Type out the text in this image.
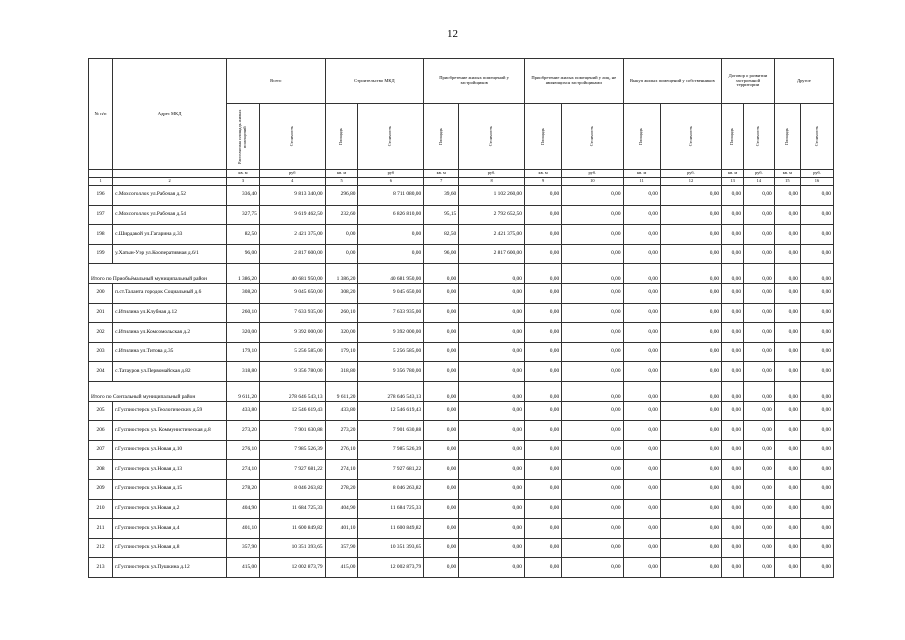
12
№ п/п	Адрес МКД	Всего		Строительство МКД		Приобретение жилых помещений у застройщиков		Приобретение жилых помещений у лиц, не являющихся застройщиками		Выкуп жилых помещений у собственников		Договор о развитии застроенной территории		Другое	

		Расселяемая площадь жилых помещений	Стоимость	Площадь	Стоимость	Площадь	Стоимость	Площадь	Стоимость	Площадь	Стоимость	Площадь	Стоимость	Площадь	Стоимость

		кв. м	руб	кв. м	руб	кв. м	руб.	кв. м	руб.	кв. м	руб.	кв. м	руб.	кв. м	руб.
1	2	3	4	5	6	7	8	9	10	11	12	13	14	15	16
196	с.Мохсоголлох ул.Рабочая д.52	336,40	9 813 340,00	296,80	8 711 080,00	39,60	1 102 260,00	0,00	0,00	0,00	0,00	0,00	0,00	0,00	0,00
197	с.Мохсоголлох ул.Рабочая д.54	327,75	9 619 462,50	232,60	6 826 810,00	95,15	2 792 652,50	0,00	0,00	0,00	0,00	0,00	0,00	0,00	0,00
198	с.Ширдакой ул.Гагарина д.33	82,50	2 421 375,00	0,00	0,00	82,50	2 421 375,00	0,00	0,00	0,00	0,00	0,00	0,00	0,00	0,00
199	у.Хатын-Уэр ул.Кооперативная д.6/1	96,00	2 817 600,00	0,00	0,00	96,00	2 817 600,00	0,00	0,00	0,00	0,00	0,00	0,00	0,00	0,00
Итого по Приобъёмальный муниципальный район		1 386,20	40 681 950,00	1 386,20	40 681 950,00	0,00	0,00	0,00	0,00	0,00	0,00	0,00	0,00	0,00	0,00
200	п.ст.Таланта городок Социальный д.6	308,20	9 045 650,00	308,20	9 045 650,00	0,00	0,00	0,00	0,00	0,00	0,00	0,00	0,00	0,00	0,00
201	с.Итилина ул.Клубная д.12	260,10	7 633 935,00	260,10	7 633 935,00	0,00	0,00	0,00	0,00	0,00	0,00	0,00	0,00	0,00	0,00
202	с.Итилина ул.Комсомольская д.2	320,00	9 392 000,00	320,00	9 392 000,00	0,00	0,00	0,00	0,00	0,00	0,00	0,00	0,00	0,00	0,00
203	с.Итилина ул.Титова д.35	179,10	5 256 585,00	179,10	5 256 585,00	0,00	0,00	0,00	0,00	0,00	0,00	0,00	0,00	0,00	0,00
204	с.Татауров ул.Первомайская д.82	318,80	9 356 780,00	318,80	9 356 780,00	0,00	0,00	0,00	0,00	0,00	0,00	0,00	0,00	0,00	0,00
Итого по Сонтальный муниципальный район		9 611,20	278 646 543,13	9 611,20	278 646 543,13	0,00	0,00	0,00	0,00	0,00	0,00	0,00	0,00	0,00	0,00
205	г.Гуспиостерск ул.Геологических д.59	433,80	12 546 619,43	433,80	12 546 619,43	0,00	0,00	0,00	0,00	0,00	0,00	0,00	0,00	0,00	0,00
206	г.Гуспиостерск ул. Коммунистическая д.8	273,20	7 901 630,88	273,20	7 901 630,88	0,00	0,00	0,00	0,00	0,00	0,00	0,00	0,00	0,00	0,00
207	г.Гуспиостерск ул.Новая д.10	276,10	7 985 526,39	276,10	7 985 526,39	0,00	0,00	0,00	0,00	0,00	0,00	0,00	0,00	0,00	0,00
208	г.Гуспиостерск ул.Новая д.13	274,10	7 927 681,22	274,10	7 927 681,22	0,00	0,00	0,00	0,00	0,00	0,00	0,00	0,00	0,00	0,00
209	г.Гуспиостерск ул.Новая д.15	278,20	8 046 263,82	278,20	8 046 263,82	0,00	0,00	0,00	0,00	0,00	0,00	0,00	0,00	0,00	0,00
210	г.Гуспиостерск ул.Новая д.2	404,90	11 684 725,33	404,90	11 684 725,33	0,00	0,00	0,00	0,00	0,00	0,00	0,00	0,00	0,00	0,00
211	г.Гуспиостерск ул.Новая д.4	401,10	11 600 849,82	401,10	11 600 849,82	0,00	0,00	0,00	0,00	0,00	0,00	0,00	0,00	0,00	0,00
212	г.Гуспиостерск ул.Новая д.8	357,90	10 351 393,65	357,90	10 351 393,65	0,00	0,00	0,00	0,00	0,00	0,00	0,00	0,00	0,00	0,00
213	г.Гуспиостерск ул.Пушкина д.12	415,00	12 002 873,79	415,00	12 002 873,79	0,00	0,00	0,00	0,00	0,00	0,00	0,00	0,00	0,00	0,00
